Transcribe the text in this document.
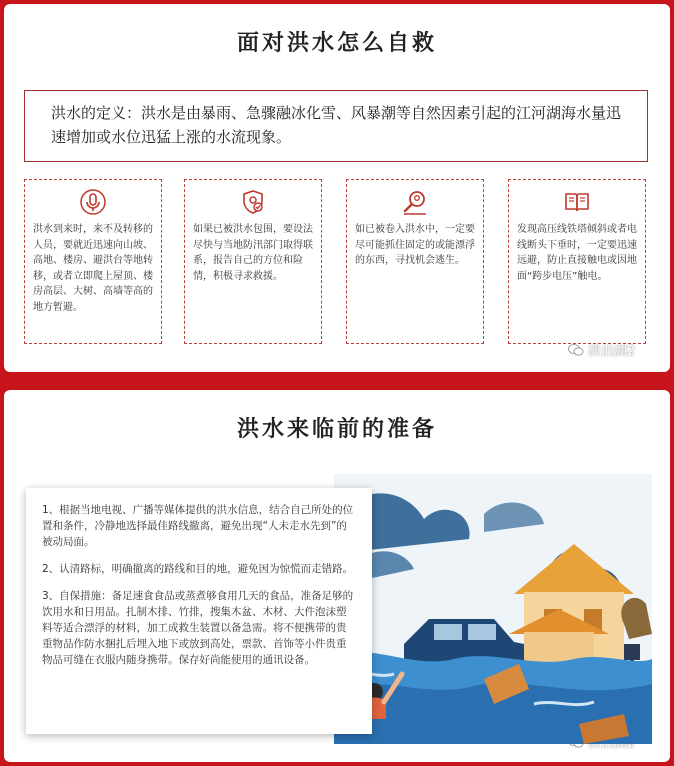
面对洪水怎么自救
洪水的定义：洪水是由暴雨、急骤融冰化雪、风暴潮等自然因素引起的江河湖海水量迅速增加或水位迅猛上涨的水流现象。
洪水到来时，来不及转移的人员，要就近迅速向山坡、高地、楼房、避洪台等地转移，或者立即爬上屋顶、楼房高层、大树、高墙等高的地方暂避。
如果已被洪水包围，要设法尽快与当地防汛部门取得联系，报告自己的方位和险情，积极寻求救援。
如已被卷入洪水中，一定要尽可能抓住固定的或能漂浮的东西，寻找机会逃生。
发现高压线铁塔倾斜或者电线断头下垂时，一定要迅速远避，防止直接触电或因地面“跨步电压”触电。
淡泊湖2
洪水来临前的准备

1、根据当地电视、广播等媒体提供的洪水信息，结合自己所处的位置和条件，冷静地选择最佳路线撤离，避免出现“人未走水先到”的被动局面。

2、认清路标，明确撤离的路线和目的地，避免因为惊慌而走错路。

3、自保措施：备足速食食品或蒸煮够食用几天的食品，准备足够的饮用水和日用品。扎制木排、竹排，搜集木盆、木材、大件泡沫塑料等适合漂浮的材料，加工成救生装置以备急需。将不便携带的贵重物品作防水捆扎后埋入地下或放到高处，票款、首饰等小件贵重物品可缝在衣服内随身携带。保存好尚能使用的通讯设备。
